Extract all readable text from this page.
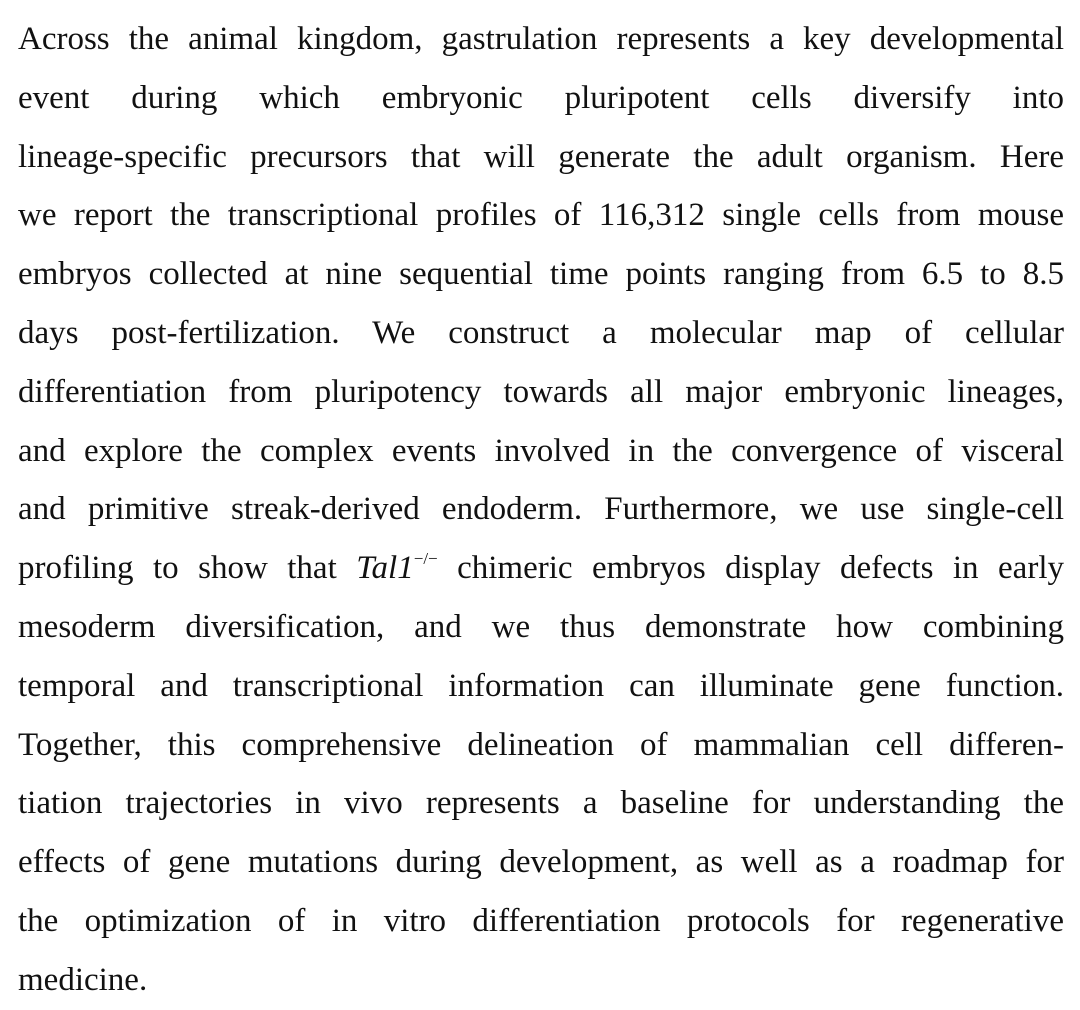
Across the animal kingdom, gastrulation represents a key developmental
event during which embryonic pluripotent cells diversify into
lineage-specific precursors that will generate the adult organism. Here
we report the transcriptional profiles of 116,312 single cells from mouse
embryos collected at nine sequential time points ranging from 6.5 to 8.5
days post-fertilization. We construct a molecular map of cellular
differentiation from pluripotency towards all major embryonic lineages,
and explore the complex events involved in the convergence of visceral
and primitive streak-derived endoderm. Furthermore, we use single-cell
profiling to show that Tal1−/− chimeric embryos display defects in early
mesoderm diversification, and we thus demonstrate how combining
temporal and transcriptional information can illuminate gene function.
Together, this comprehensive delineation of mammalian cell differen-
tiation trajectories in vivo represents a baseline for understanding the
effects of gene mutations during development, as well as a roadmap for
the optimization of in vitro differentiation protocols for regenerative
medicine.
